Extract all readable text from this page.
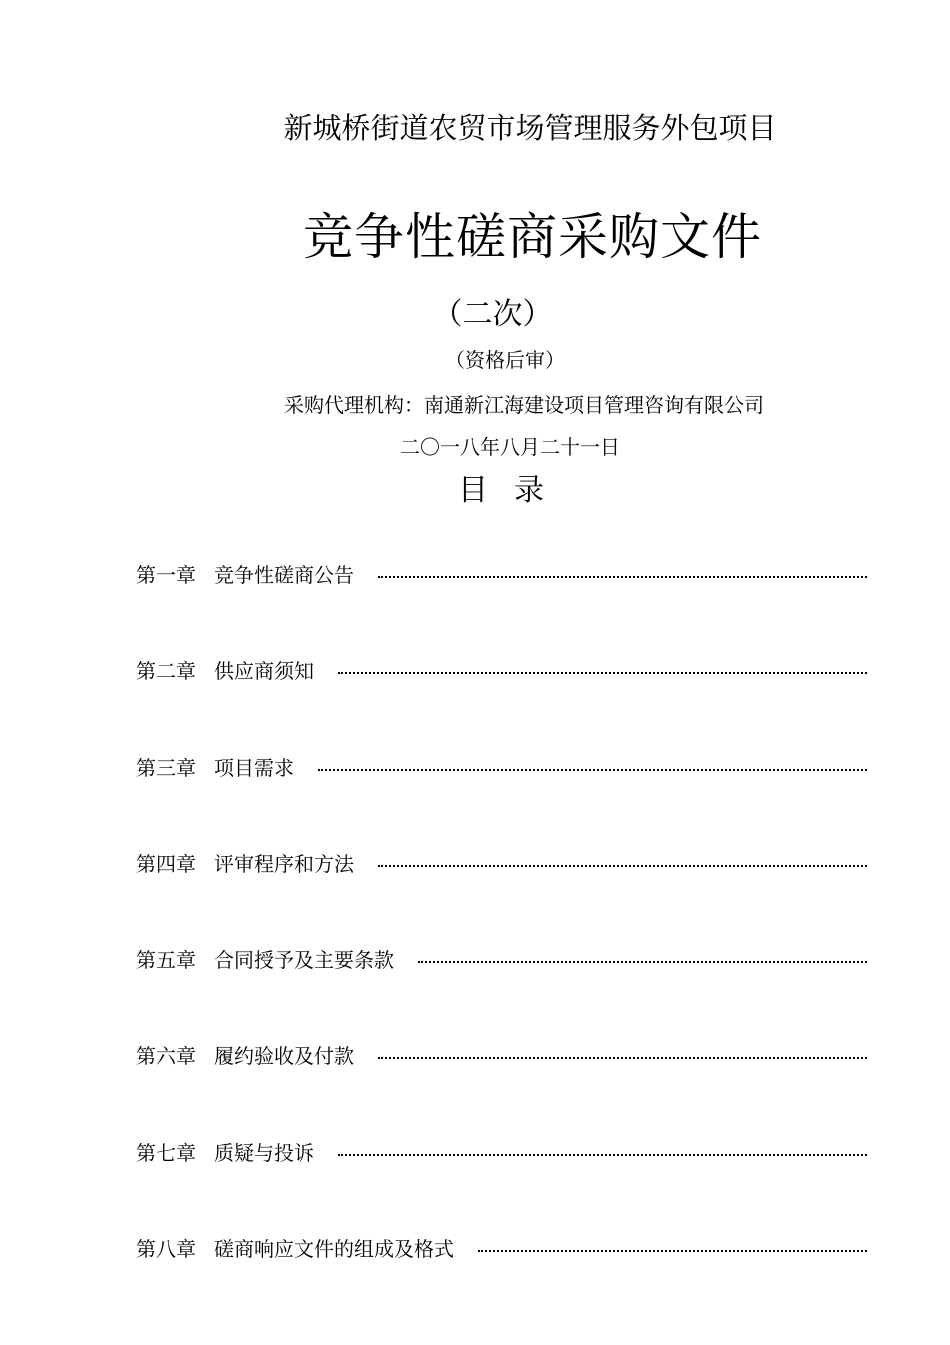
新城桥街道农贸市场管理服务外包项目
竞争性磋商采购文件
（二次）
（资格后审）
采购代理机构：南通新江海建设项目管理咨询有限公司
二〇一八年八月二十一日
目录
第一章 竞争性磋商公告
第二章 供应商须知
第三章 项目需求
第四章 评审程序和方法
第五章 合同授予及主要条款
第六章 履约验收及付款
第七章 质疑与投诉
第八章 磋商响应文件的组成及格式
